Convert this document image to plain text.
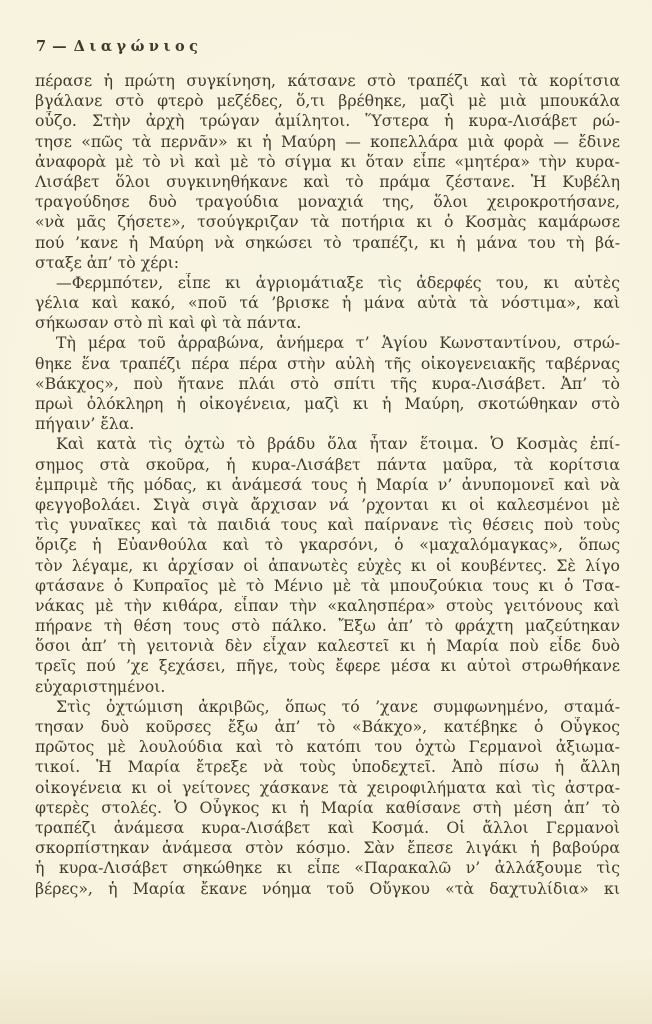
7 — Διαγώνιος
πέρασε ἡ πρώτη συγκίνηση, κάτσανε στὸ τραπέζι καὶ τὰ κορίτσια
βγάλανε στὸ φτερὸ μεζέδες, ὅ,τι βρέθηκε, μαζὶ μὲ μιὰ μπουκάλα
οὖζο. Στὴν ἀρχὴ τρώγαν ἀμίλητοι. Ὕστερα ἡ κυρα-Λισάβετ ρώ-
τησε «πῶς τὰ περνᾶν» κι ἡ Μαύρη — κοπελλάρα μιὰ φορὰ — ἔδινε
ἀναφορὰ μὲ τὸ νὶ καὶ μὲ τὸ σίγμα κι ὅταν εἶπε «μητέρα» τὴν κυρα-
Λισάβετ ὅλοι συγκινηθήκανε καὶ τὸ πράμα ζέστανε. Ἡ Κυβέλη
τραγούδησε δυὸ τραγούδια μοναχιά της, ὅλοι χειροκροτήσανε,
«νὰ μᾶς ζήσετε», τσούγκριζαν τὰ ποτήρια κι ὁ Κοσμὰς καμάρωσε
πού ’κανε ἡ Μαύρη νὰ σηκώσει τὸ τραπέζι, κι ἡ μάνα του τὴ βά-
σταξε ἀπ’ τὸ χέρι:
—Φερμπότεν, εἶπε κι ἀγριομάτιαξε τὶς ἀδερφές του, κι αὐτὲς
γέλια καὶ κακό, «ποῦ τά ’βρισκε ἡ μάνα αὐτὰ τὰ νόστιμα», καὶ
σήκωσαν στὸ πὶ καὶ φὶ τὰ πάντα.
Τὴ μέρα τοῦ ἀρραβώνα, ἀνήμερα τ’ Ἁγίου Κωνσταντίνου, στρώ-
θηκε ἕνα τραπέζι πέρα πέρα στὴν αὐλὴ τῆς οἰκογενειακῆς ταβέρνας
«Βάκχος», ποὺ ἤτανε πλάι στὸ σπίτι τῆς κυρα-Λισάβετ. Ἀπ’ τὸ
πρωὶ ὁλόκληρη ἡ οἰκογένεια, μαζὶ κι ἡ Μαύρη, σκοτώθηκαν στὸ
πήγαιν’ ἔλα.
Καὶ κατὰ τὶς ὀχτὼ τὸ βράδυ ὅλα ἦταν ἕτοιμα. Ὁ Κοσμὰς ἐπί-
σημος στὰ σκοῦρα, ἡ κυρα-Λισάβετ πάντα μαῦρα, τὰ κορίτσια
ἐμπριμὲ τῆς μόδας, κι ἀνάμεσά τους ἡ Μαρία ν’ ἀνυπομονεῖ καὶ νὰ
φεγγοβολάει. Σιγὰ σιγὰ ἄρχισαν νά ’ρχονται κι οἱ καλεσμένοι μὲ
τὶς γυναῖκες καὶ τὰ παιδιά τους καὶ παίρνανε τὶς θέσεις ποὺ τοὺς
ὅριζε ἡ Εὐανθούλα καὶ τὸ γκαρσόνι, ὁ «μαχαλόμαγκας», ὅπως
τὸν λέγαμε, κι ἀρχίσαν οἱ ἀπανωτὲς εὐχὲς κι οἱ κουβέντες. Σὲ λίγο
φτάσανε ὁ Κυπραῖος μὲ τὸ Μένιο μὲ τὰ μπουζούκια τους κι ὁ Τσα-
νάκας μὲ τὴν κιθάρα, εἶπαν τὴν «καλησπέρα» στοὺς γειτόνους καὶ
πήρανε τὴ θέση τους στὸ πάλκο. Ἔξω ἀπ’ τὸ φράχτη μαζεύτηκαν
ὅσοι ἀπ’ τὴ γειτονιὰ δὲν εἶχαν καλεστεῖ κι ἡ Μαρία ποὺ εἶδε δυὸ
τρεῖς πού ’χε ξεχάσει, πῆγε, τοὺς ἔφερε μέσα κι αὐτοὶ στρωθήκανε
εὐχαριστημένοι.
Στὶς ὀχτώμιση ἀκριβῶς, ὅπως τό ’χανε συμφωνημένο, σταμά-
τησαν δυὸ κοῦρσες ἔξω ἀπ’ τὸ «Βάκχο», κατέβηκε ὁ Οὖγκος
πρῶτος μὲ λουλούδια καὶ τὸ κατόπι του ὀχτὼ Γερμανοὶ ἀξιωμα-
τικοί. Ἡ Μαρία ἔτρεξε νὰ τοὺς ὑποδεχτεῖ. Ἀπὸ πίσω ἡ ἄλλη
οἰκογένεια κι οἱ γείτονες χάσκανε τὰ χειροφιλήματα καὶ τὶς ἀστρα-
φτερὲς στολές. Ὁ Οὖγκος κι ἡ Μαρία καθίσανε στὴ μέση ἀπ’ τὸ
τραπέζι ἀνάμεσα κυρα-Λισάβετ καὶ Κοσμά. Οἱ ἄλλοι Γερμανοὶ
σκορπίστηκαν ἀνάμεσα στὸν κόσμο. Σὰν ἔπεσε λιγάκι ἡ βαβούρα
ἡ κυρα-Λισάβετ σηκώθηκε κι εἶπε «Παρακαλῶ ν’ ἀλλάξουμε τὶς
βέρες», ἡ Μαρία ἔκανε νόημα τοῦ Οὔγκου «τὰ δαχτυλίδια» κι
